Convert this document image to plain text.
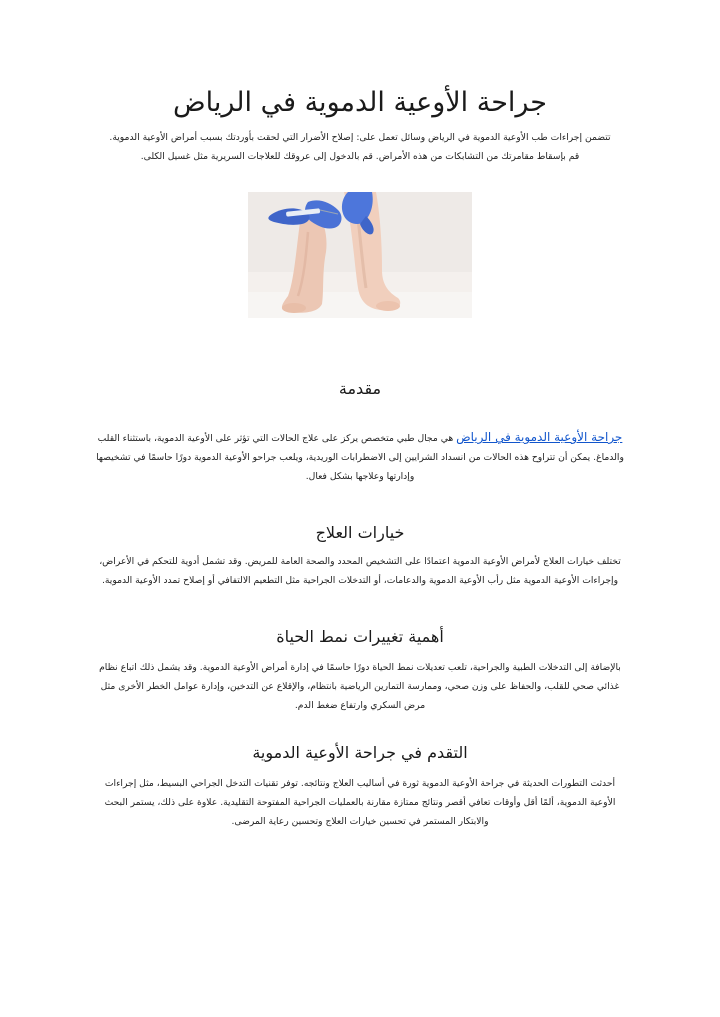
جراحة الأوعية الدموية في الرياض

تتضمن إجراءات طب الأوعية الدموية في الرياض وسائل تعمل على: إصلاح الأضرار التي لحقت بأوردتك بسبب أمراض الأوعية الدموية. قم بإسقاط مقامرتك من التشابكات من هذه الأمراض. قم بالدخول إلى عروقك للعلاجات السريرية مثل غسيل الكلى.

مقدمة

جراحة الأوعية الدموية في الرياض هي مجال طبي متخصص يركز على علاج الحالات التي تؤثر على الأوعية الدموية، باستثناء القلب والدماغ. يمكن أن تتراوح هذه الحالات من انسداد الشرايين إلى الاضطرابات الوريدية، ويلعب جراحو الأوعية الدموية دورًا حاسمًا في تشخيصها وإدارتها وعلاجها بشكل فعال.

خيارات العلاج

تختلف خيارات العلاج لأمراض الأوعية الدموية اعتمادًا على التشخيص المحدد والصحة العامة للمريض. وقد تشمل أدوية للتحكم في الأعراض، وإجراءات الأوعية الدموية مثل رأب الأوعية الدموية والدعامات، أو التدخلات الجراحية مثل التطعيم الالتفافي أو إصلاح تمدد الأوعية الدموية.

أهمية تغييرات نمط الحياة

بالإضافة إلى التدخلات الطبية والجراحية، تلعب تعديلات نمط الحياة دورًا حاسمًا في إدارة أمراض الأوعية الدموية. وقد يشمل ذلك اتباع نظام غذائي صحي للقلب، والحفاظ على وزن صحي، وممارسة التمارين الرياضية بانتظام، والإقلاع عن التدخين، وإدارة عوامل الخطر الأخرى مثل مرض السكري وارتفاع ضغط الدم.

التقدم في جراحة الأوعية الدموية

أحدثت التطورات الحديثة في جراحة الأوعية الدموية ثورة في أساليب العلاج ونتائجه. توفر تقنيات التدخل الجراحي البسيط، مثل إجراءات الأوعية الدموية، ألمًا أقل وأوقات تعافي أقصر ونتائج ممتازة مقارنة بالعمليات الجراحية المفتوحة التقليدية. علاوة على ذلك، يستمر البحث والابتكار المستمر في تحسين خيارات العلاج وتحسين رعاية المرضى.
